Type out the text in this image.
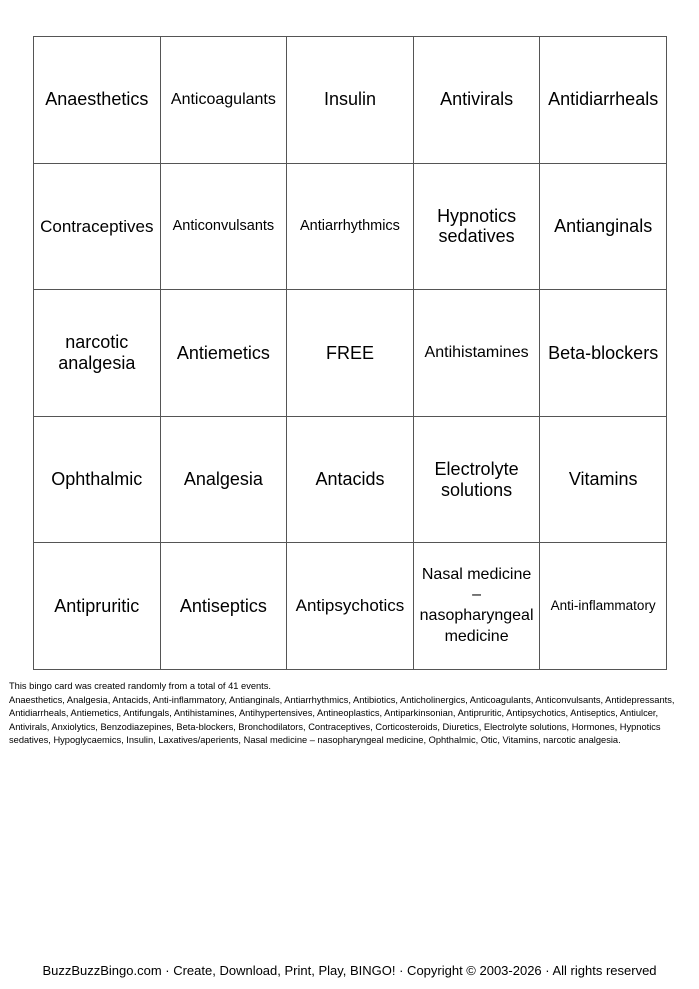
Anaesthetics	Anticoagulants	Insulin	Antivirals	Antidiarrheals
Contraceptives	Anticonvulsants	Antiarrhythmics	Hypnotics sedatives	Antianginals
narcotic analgesia	Antiemetics	FREE	Antihistamines	Beta-blockers
Ophthalmic	Analgesia	Antacids	Electrolyte solutions	Vitamins
Antipruritic	Antiseptics	Antipsychotics	Nasal medicine – nasopharyngeal medicine	Anti-inflammatory

This bingo card was created randomly from a total of 41 events.

Anaesthetics, Analgesia, Antacids, Anti-inflammatory, Antianginals, Antiarrhythmics, Antibiotics, Anticholinergics, Anticoagulants, Anticonvulsants, Antidepressants, Antidiarrheals, Antiemetics, Antifungals, Antihistamines, Antihypertensives, Antineoplastics, Antiparkinsonian, Antipruritic, Antipsychotics, Antiseptics, Antiulcer, Antivirals, Anxiolytics, Benzodiazepines, Beta-blockers, Bronchodilators, Contraceptives, Corticosteroids, Diuretics, Electrolyte solutions, Hormones, Hypnotics sedatives, Hypoglycaemics, Insulin, Laxatives/aperients, Nasal medicine – nasopharyngeal medicine, Ophthalmic, Otic, Vitamins, narcotic analgesia.

BuzzBuzzBingo.com · Create, Download, Print, Play, BINGO! · Copyright © 2003-2026 · All rights reserved
